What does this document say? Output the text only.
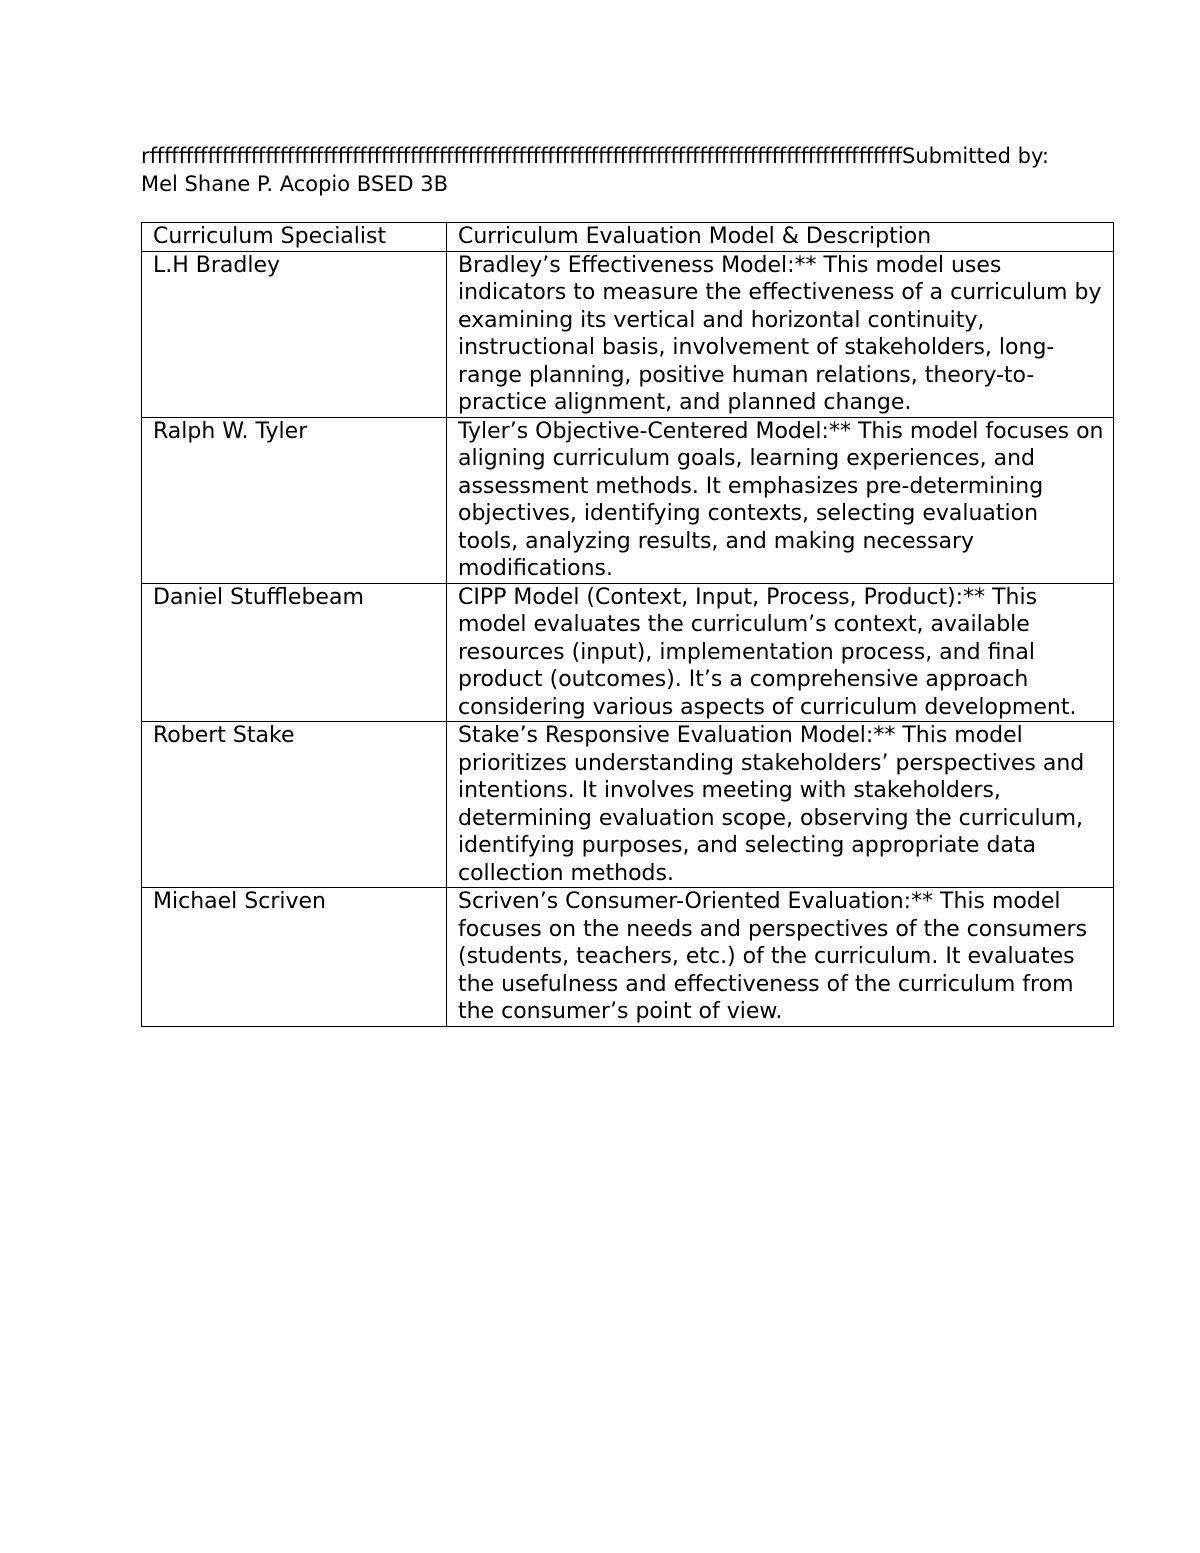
rffffffffffffffffffffffffffffffffffffffffffffffffffffffffffffffffffffffffffffffffffffffffffffffffffffffffSubmitted by: Mel Shane P. Acopio BSED 3B
Curriculum Specialist	Curriculum Evaluation Model & Description
L.H Bradley	Bradley’s Effectiveness Model:** This model uses indicators to measure the effectiveness of a curriculum by examining its vertical and horizontal continuity, instructional basis, involvement of stakeholders, long-range planning, positive human relations, theory-to-practice alignment, and planned change.
Ralph W. Tyler	Tyler’s Objective-Centered Model:** This model focuses on aligning curriculum goals, learning experiences, and assessment methods. It emphasizes pre-determining objectives, identifying contexts, selecting evaluation tools, analyzing results, and making necessary modifications.
Daniel Stufflebeam	CIPP Model (Context, Input, Process, Product):** This model evaluates the curriculum’s context, available resources (input), implementation process, and final product (outcomes). It’s a comprehensive approach considering various aspects of curriculum development.
Robert Stake	Stake’s Responsive Evaluation Model:** This model prioritizes understanding stakeholders’ perspectives and intentions. It involves meeting with stakeholders, determining evaluation scope, observing the curriculum, identifying purposes, and selecting appropriate data collection methods.
Michael Scriven	Scriven’s Consumer-Oriented Evaluation:** This model focuses on the needs and perspectives of the consumers (students, teachers, etc.) of the curriculum. It evaluates the usefulness and effectiveness of the curriculum from the consumer’s point of view.
